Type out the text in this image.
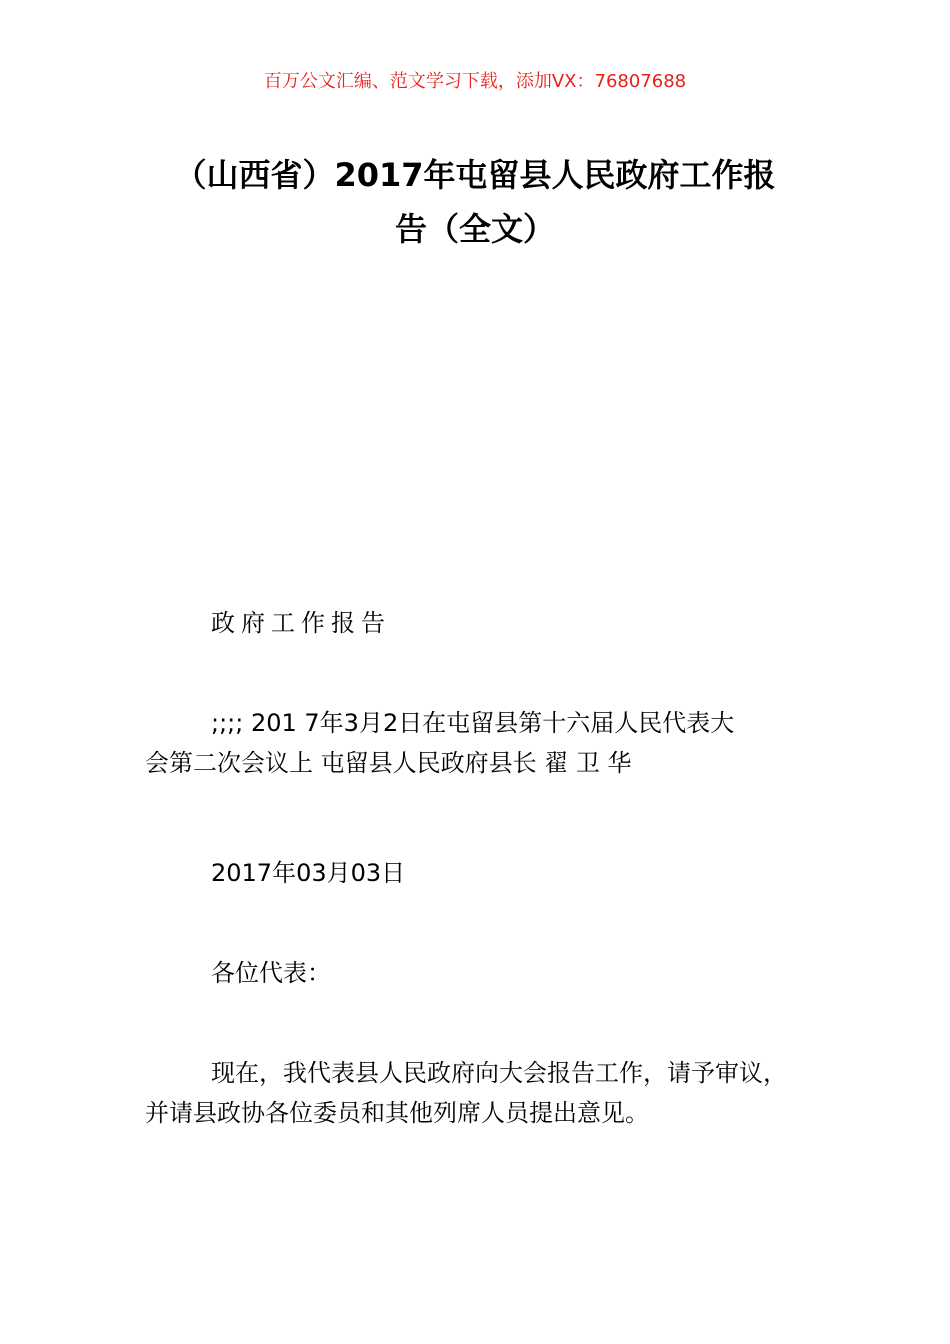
百万公文汇编、范文学习下载，添加VX：76807688
（山西省）2017年屯留县人民政府工作报
告（全文）

政府工作报告

;;;; 201 7年3月2日在屯留县第十六届人民代表大
会第二次会议上 屯留县人民政府县长 翟 卫 华

2017年03月03日

各位代表：

现在，我代表县人民政府向大会报告工作，请予审议，
并请县政协各位委员和其他列席人员提出意见。
